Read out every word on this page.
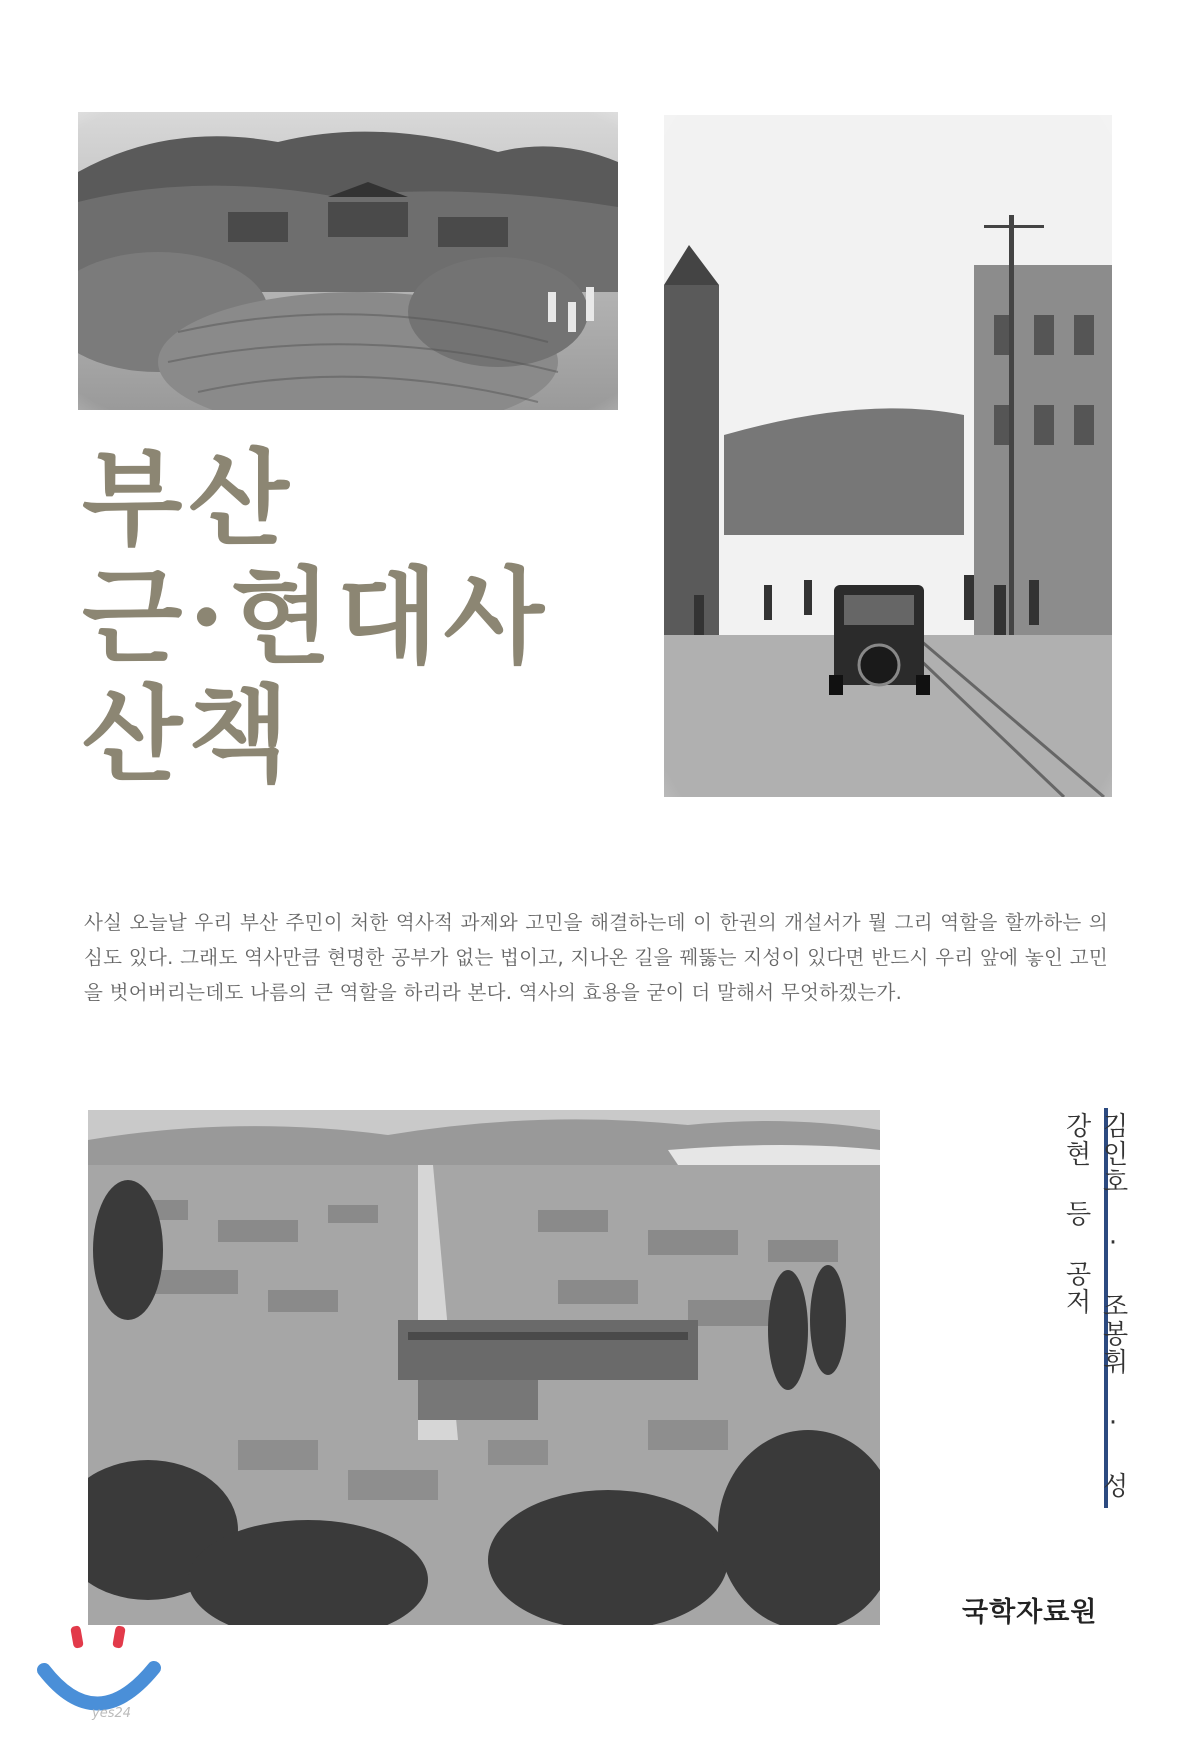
부산
근·현대사
산책

사실 오늘날 우리 부산 주민이 처한 역사적 과제와 고민을 해결하는데 이 한권의 개설서가 뭘 그리 역할을 할까하는 의심도 있다. 그래도 역사만큼 현명한 공부가 없는 법이고, 지나온 길을 꿰뚫는 지성이 있다면 반드시 우리 앞에 놓인 고민을 벗어버리는데도 나름의 큰 역할을 하리라 본다. 역사의 효용을 굳이 더 말해서 무엇하겠는가.

김인호 · 조봉휘 · 성강현 등 공저
국학자료원
yes24
